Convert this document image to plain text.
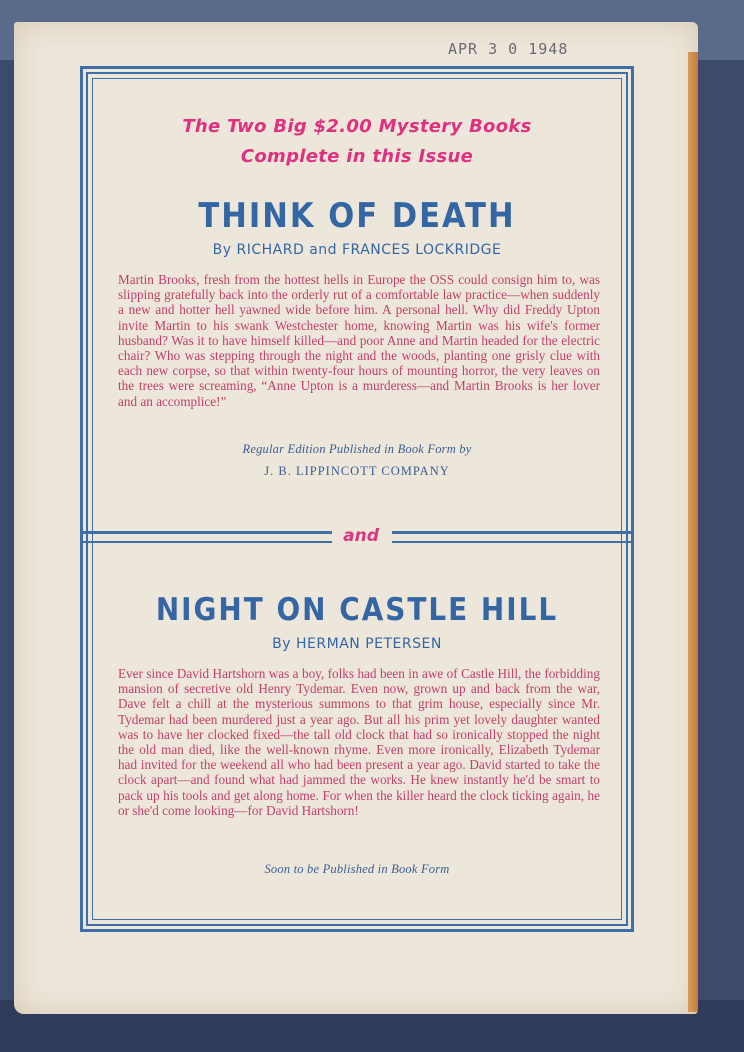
APR 3 0 1948
The Two Big $2.00 Mystery Books
Complete in this Issue
THINK OF DEATH
By RICHARD and FRANCES LOCKRIDGE

Martin Brooks, fresh from the hottest hells in Europe the OSS could consign him to, was slipping gratefully back into the orderly rut of a comfortable law practice—when suddenly a new and hotter hell yawned wide before him. A personal hell. Why did Freddy Upton invite Martin to his swank Westchester home, knowing Martin was his wife's former husband? Was it to have himself killed—and poor Anne and Martin headed for the electric chair? Who was stepping through the night and the woods, planting one grisly clue with each new corpse, so that within twenty-four hours of mounting horror, the very leaves on the trees were screaming, “Anne Upton is a murderess—and Martin Brooks is her lover and an accomplice!”

Regular Edition Published in Book Form by
J. B. LIPPINCOTT COMPANY
and
NIGHT ON CASTLE HILL
By HERMAN PETERSEN

Ever since David Hartshorn was a boy, folks had been in awe of Castle Hill, the forbidding mansion of secretive old Henry Tydemar. Even now, grown up and back from the war, Dave felt a chill at the mysterious summons to that grim house, especially since Mr. Tydemar had been murdered just a year ago. But all his prim yet lovely daughter wanted was to have her clocked fixed—the tall old clock that had so ironically stopped the night the old man died, like the well-known rhyme. Even more ironically, Elizabeth Tydemar had invited for the weekend all who had been present a year ago. David started to take the clock apart—and found what had jammed the works. He knew instantly he'd be smart to pack up his tools and get along home. For when the killer heard the clock ticking again, he or she'd come looking—for David Hartshorn!

Soon to be Published in Book Form
